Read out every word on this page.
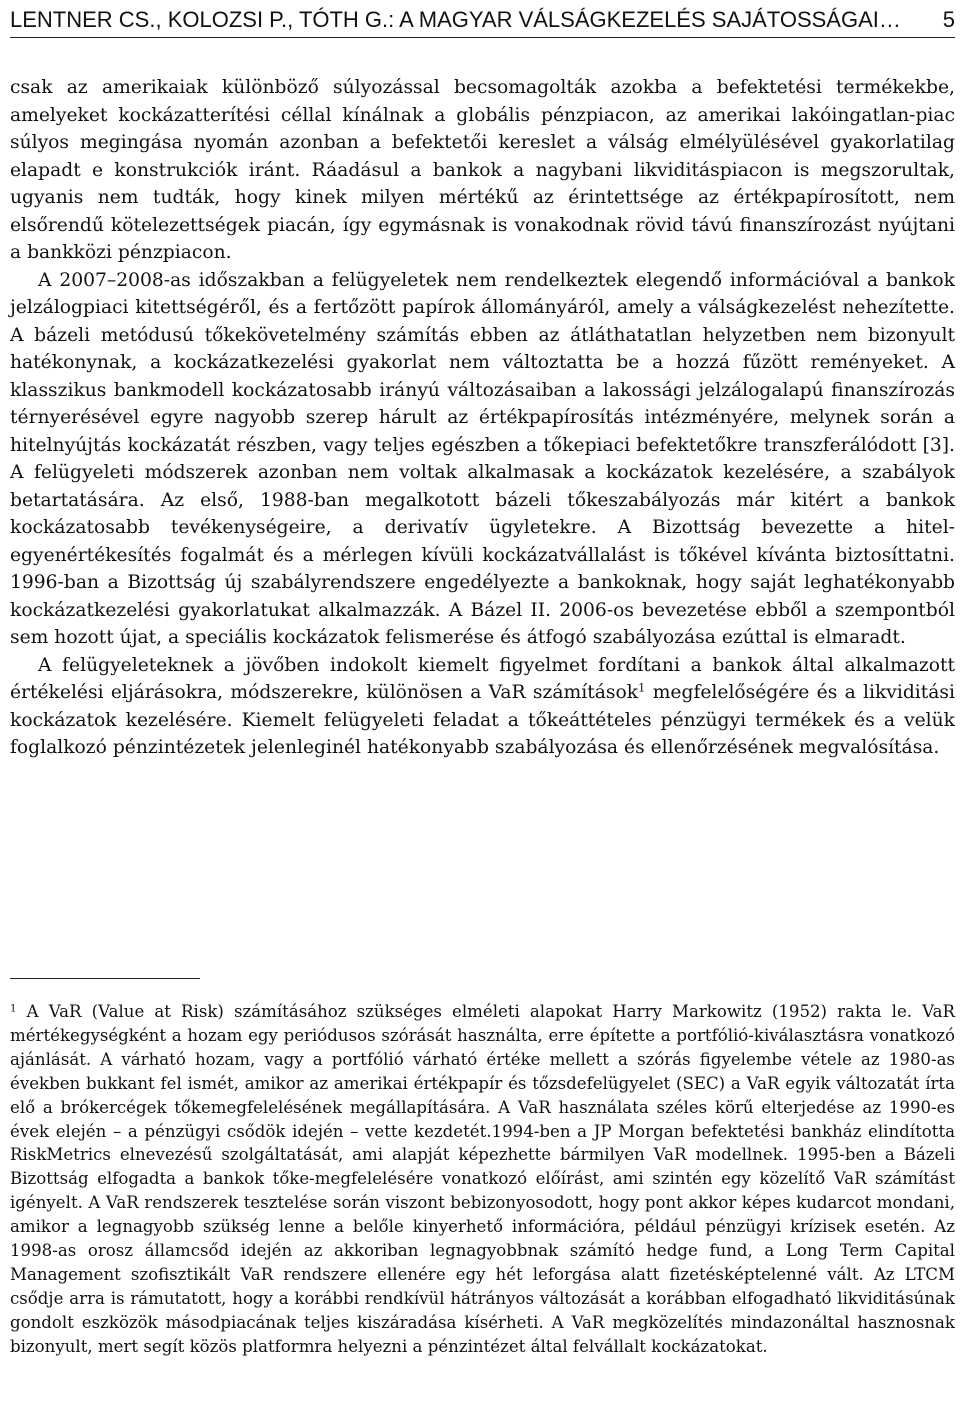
LENTNER CS., KOLOZSI P., TÓTH G.: A MAGYAR VÁLSÁGKEZELÉS SAJÁTOSSÁGAI… 5

csak az amerikaiak különböző súlyozással becsomagolták azokba a befektetési termékekbe, amelyeket kockázatterítési céllal kínálnak a globális pénzpiacon, az amerikai lakóingatlan-piac súlyos megingása nyomán azonban a befektetői kereslet a válság elmélyülésével gyakorlatilag elapadt e konstrukciók iránt. Ráadásul a bankok a nagybani likviditáspiacon is megszorultak, ugyanis nem tudták, hogy kinek milyen mértékű az érintettsége az értékpapírosított, nem elsőrendű kötelezettségek piacán, így egymásnak is vonakodnak rövid távú finanszírozást nyújtani a bankközi pénzpiacon.

A 2007–2008-as időszakban a felügyeletek nem rendelkeztek elegendő információval a bankok jelzálogpiaci kitettségéről, és a fertőzött papírok állományáról, amely a válságkezelést nehezítette. A bázeli metódusú tőkekövetelmény számítás ebben az átláthatatlan helyzetben nem bizonyult hatékonynak, a kockázatkezelési gyakorlat nem változtatta be a hozzá fűzött reményeket. A klasszikus bankmodell kockázatosabb irányú változásaiban a lakossági jelzálogalapú finanszírozás térnyerésével egyre nagyobb szerep hárult az értékpapírosítás intézményére, melynek során a hitelnyújtás kockázatát részben, vagy teljes egészben a tőkepiaci befektetőkre transzferálódott [3]. A felügyeleti módszerek azonban nem voltak alkalmasak a kockázatok kezelésére, a szabályok betartatására. Az első, 1988-ban megalkotott bázeli tőkeszabályozás már kitért a bankok kockázatosabb tevékenységeire, a derivatív ügyletekre. A Bizottság bevezette a hitel-egyenértékesítés fogalmát és a mérlegen kívüli kockázatvállalást is tőkével kívánta biztosíttatni. 1996-ban a Bizottság új szabályrendszere engedélyezte a bankoknak, hogy saját leghatékonyabb kockázatkezelési gyakorlatukat alkalmazzák. A Bázel II. 2006-os bevezetése ebből a szempontból sem hozott újat, a speciális kockázatok felismerése és átfogó szabályozása ezúttal is elmaradt.

A felügyeleteknek a jövőben indokolt kiemelt figyelmet fordítani a bankok által alkalmazott értékelési eljárásokra, módszerekre, különösen a VaR számítások$^1$ megfelelőségére és a likviditási kockázatok kezelésére. Kiemelt felügyeleti feladat a tőkeáttételes pénzügyi termékek és a velük foglalkozó pénzintézetek jelenleginél hatékonyabb szabályozása és ellenőrzésének megvalósítása.

$^1$ A VaR (Value at Risk) számításához szükséges elméleti alapokat Harry Markowitz (1952) rakta le. VaR mértékegységként a hozam egy periódusos szórását használta, erre építette a portfólió-kiválasztásra vonatkozó ajánlását. A várható hozam, vagy a portfólió várható értéke mellett a szórás figyelembe vétele az 1980-as években bukkant fel ismét, amikor az amerikai értékpapír és tőzsdefelügyelet (SEC) a VaR egyik változatát írta elő a brókercégek tőkemegfelelésének megállapítására. A VaR használata széles körű elterjedése az 1990-es évek elején – a pénzügyi csődök idején – vette kezdetét.1994-ben a JP Morgan befektetési bankház elindította RiskMetrics elnevezésű szolgáltatását, ami alapját képezhette bármilyen VaR modellnek. 1995-ben a Bázeli Bizottság elfogadta a bankok tőke-megfelelésére vonatkozó előírást, ami szintén egy közelítő VaR számítást igényelt. A VaR rendszerek tesztelése során viszont bebizonyosodott, hogy pont akkor képes kudarcot mondani, amikor a legnagyobb szükség lenne a belőle kinyerhető információra, például pénzügyi krízisek esetén. Az 1998-as orosz államcsőd idején az akkoriban legnagyobbnak számító hedge fund, a Long Term Capital Management szofisztikált VaR rendszere ellenére egy hét leforgása alatt fizetésképtelenné vált. Az LTCM csődje arra is rámutatott, hogy a korábbi rendkívül hátrányos változását a korábban elfogadható likviditásúnak gondolt eszközök másodpiacának teljes kiszáradása kísérheti. A VaR megközelítés mindazonáltal hasznosnak bizonyult, mert segít közös platformra helyezni a pénzintézet által felvállalt kockázatokat.
